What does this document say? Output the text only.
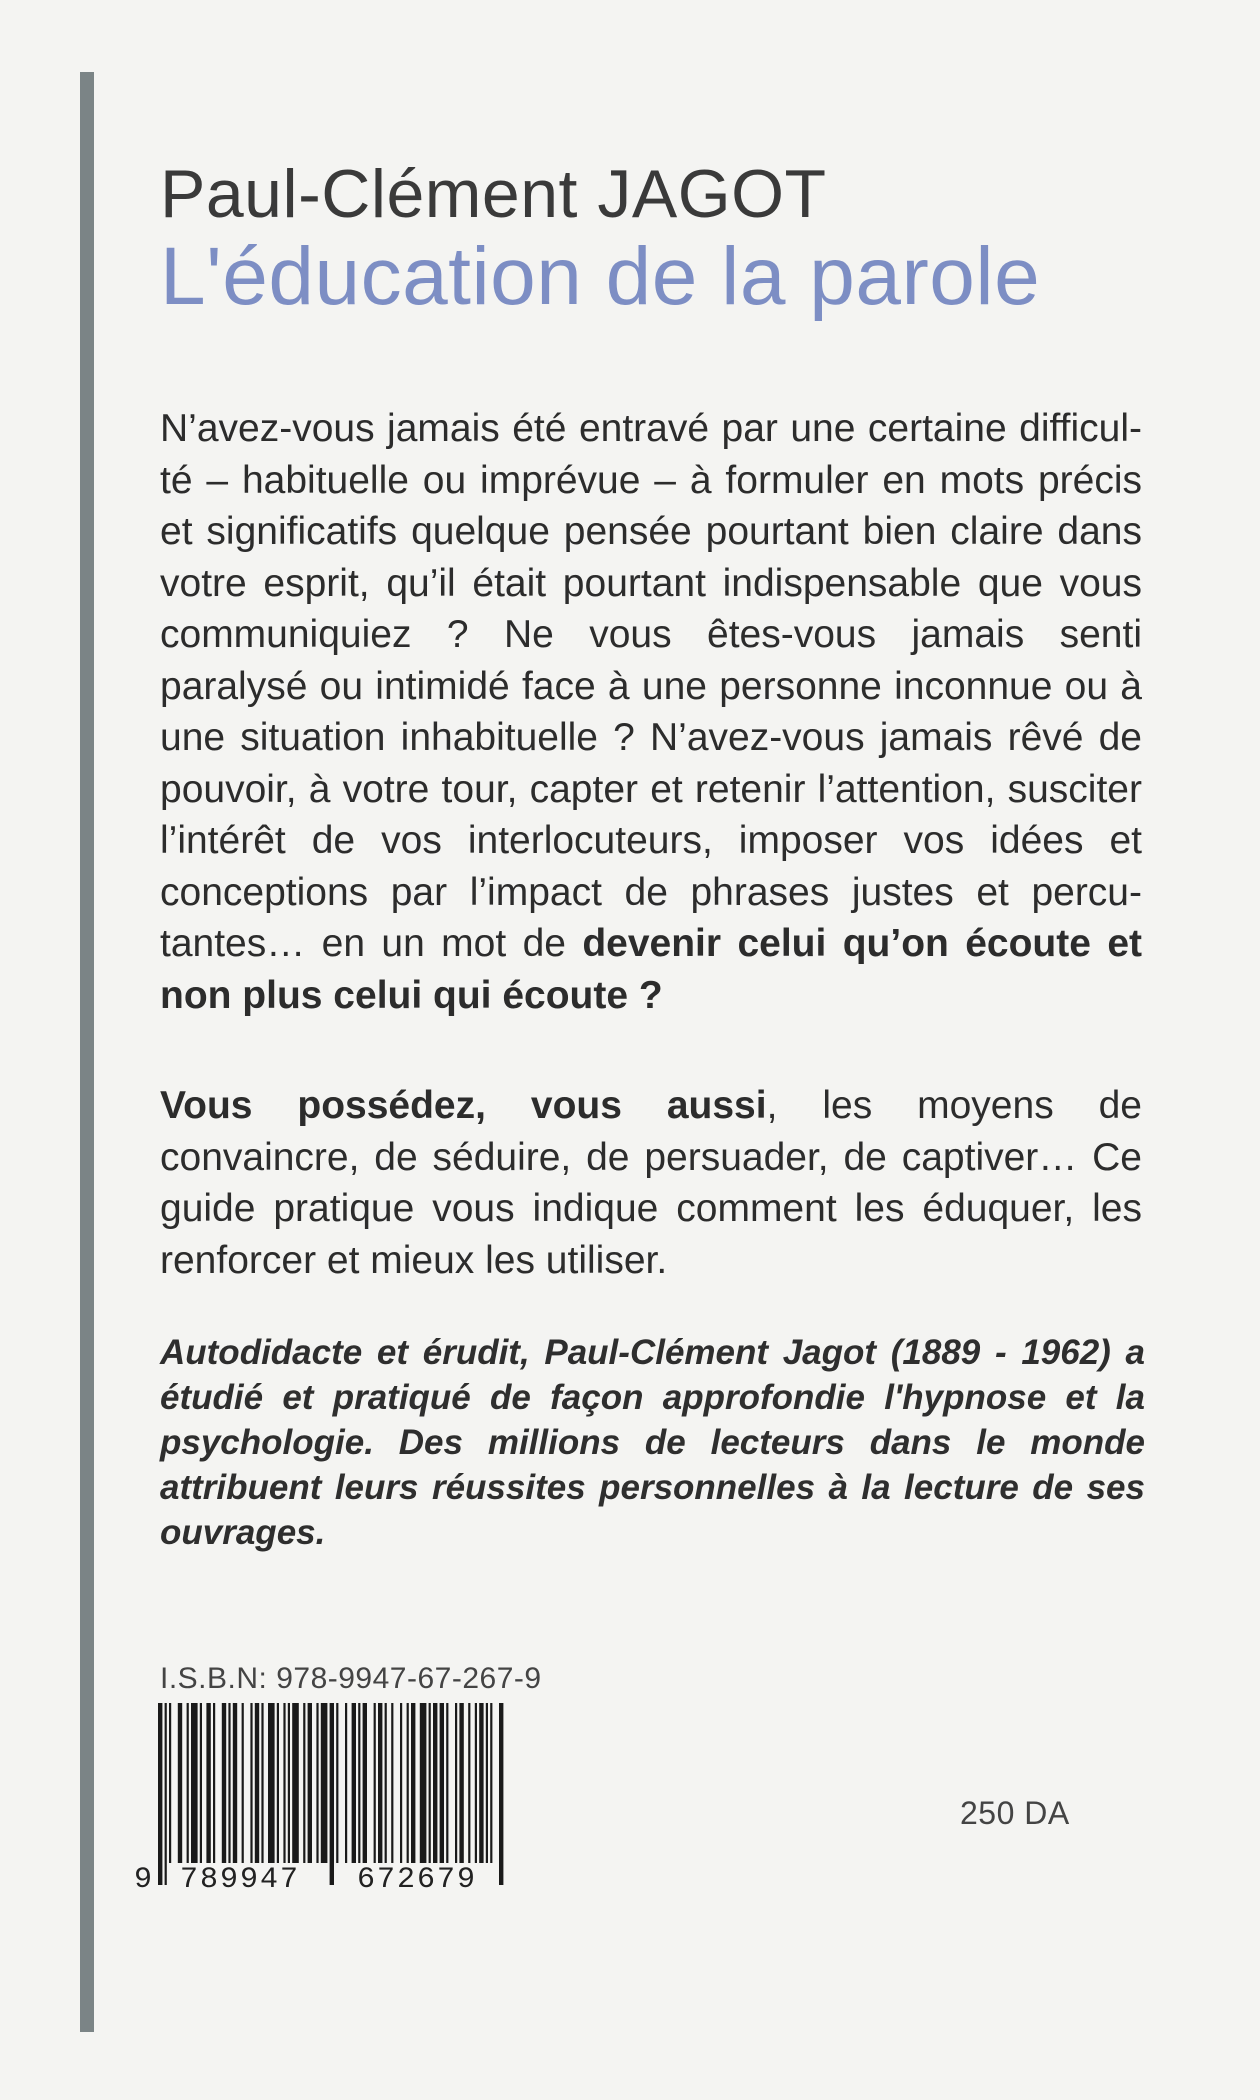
Paul-Clément JAGOT
L'éducation de la parole
N’avez-vous jamais été entravé par une certaine difficulté – habituelle ou imprévue – à formuler en mots précis et significatifs quelque pensée pourtant bien claire dans votre esprit, qu’il était pourtant indispensable que vous communiquiez ? Ne vous êtes-vous jamais senti paralysé ou intimidé face à une personne inconnue ou à une situation inhabituelle ? N’avez-vous jamais rêvé de pouvoir, à votre tour, capter et retenir l’attention, susciter l’intérêt de vos interlocuteurs, imposer vos idées et conceptions par l’impact de phrases justes et percutantes… en un mot de devenir celui qu’on écoute et non plus celui qui écoute ?
Vous possédez, vous aussi, les moyens de convaincre, de séduire, de persuader, de captiver… Ce guide pratique vous indique comment les éduquer, les renforcer et mieux les utiliser.
Autodidacte et érudit, Paul-Clément Jagot (1889 - 1962) a étudié et pratiqué de façon approfondie l'hypnose et la psychologie. Des millions de lecteurs dans le monde attribuent leurs réussites personnelles à la lecture de ses ouvrages.
I.S.B.N: 978-9947-67-267-9
9 789947 672679
250 DA
